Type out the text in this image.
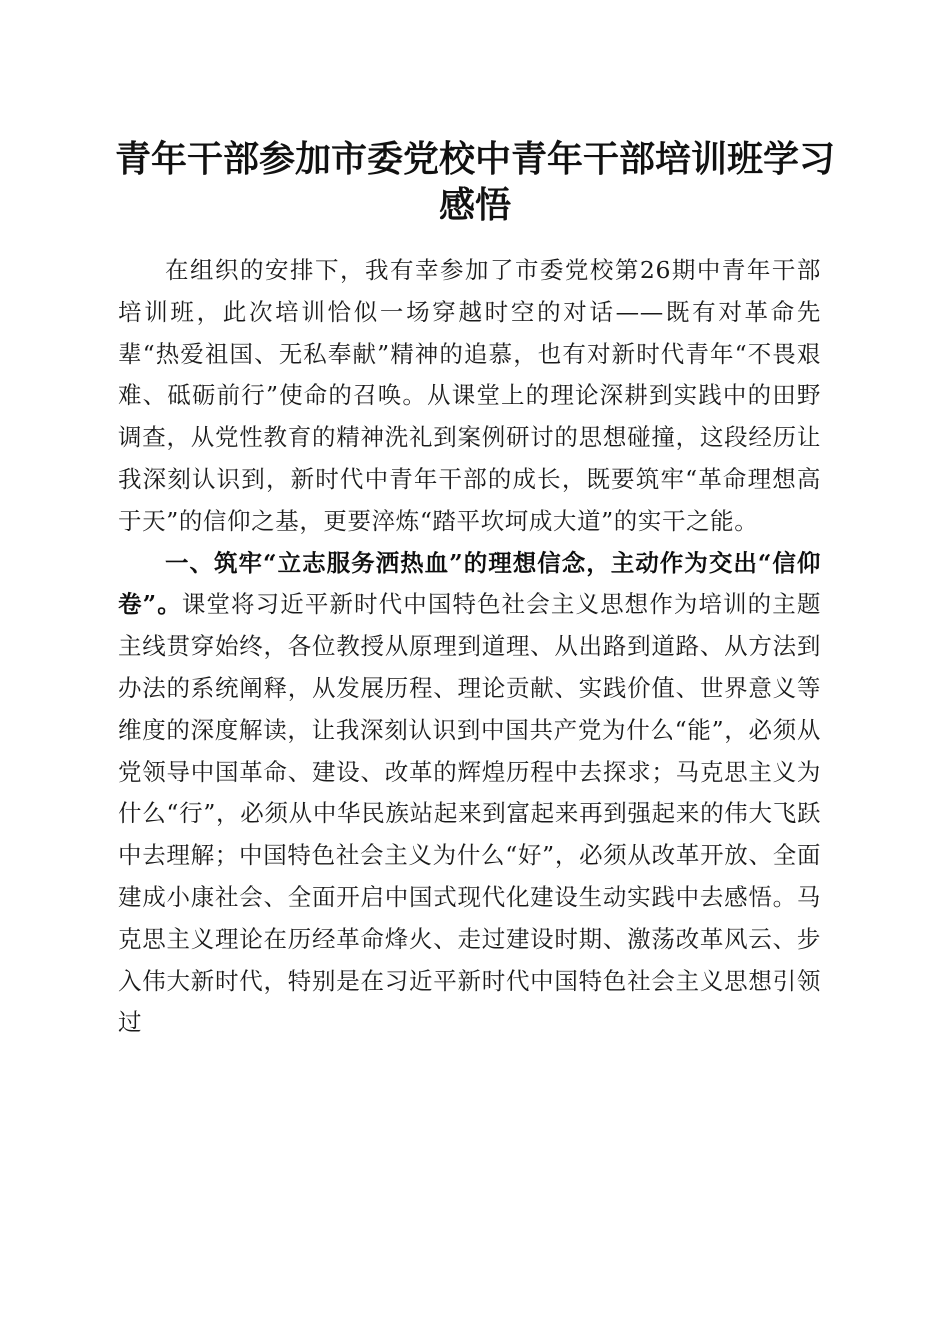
青年干部参加市委党校中青年干部培训班学习感悟

在组织的安排下，我有幸参加了市委党校第26期中青年干部培训班，此次培训恰似一场穿越时空的对话——既有对革命先辈“热爱祖国、无私奉献”精神的追慕，也有对新时代青年“不畏艰难、砥砺前行”使命的召唤。从课堂上的理论深耕到实践中的田野调查，从党性教育的精神洗礼到案例研讨的思想碰撞，这段经历让我深刻认识到，新时代中青年干部的成长，既要筑牢“革命理想高于天”的信仰之基，更要淬炼“踏平坎坷成大道”的实干之能。

一、筑牢“立志服务洒热血”的理想信念，主动作为交出“信仰卷”。课堂将习近平新时代中国特色社会主义思想作为培训的主题主线贯穿始终，各位教授从原理到道理、从出路到道路、从方法到办法的系统阐释，从发展历程、理论贡献、实践价值、世界意义等维度的深度解读，让我深刻认识到中国共产党为什么“能”，必须从党领导中国革命、建设、改革的辉煌历程中去探求；马克思主义为什么“行”，必须从中华民族站起来到富起来再到强起来的伟大飞跃中去理解；中国特色社会主义为什么“好”，必须从改革开放、全面建成小康社会、全面开启中国式现代化建设生动实践中去感悟。马克思主义理论在历经革命烽火、走过建设时期、激荡改革风云、步入伟大新时代，特别是在习近平新时代中国特色社会主义思想引领过
